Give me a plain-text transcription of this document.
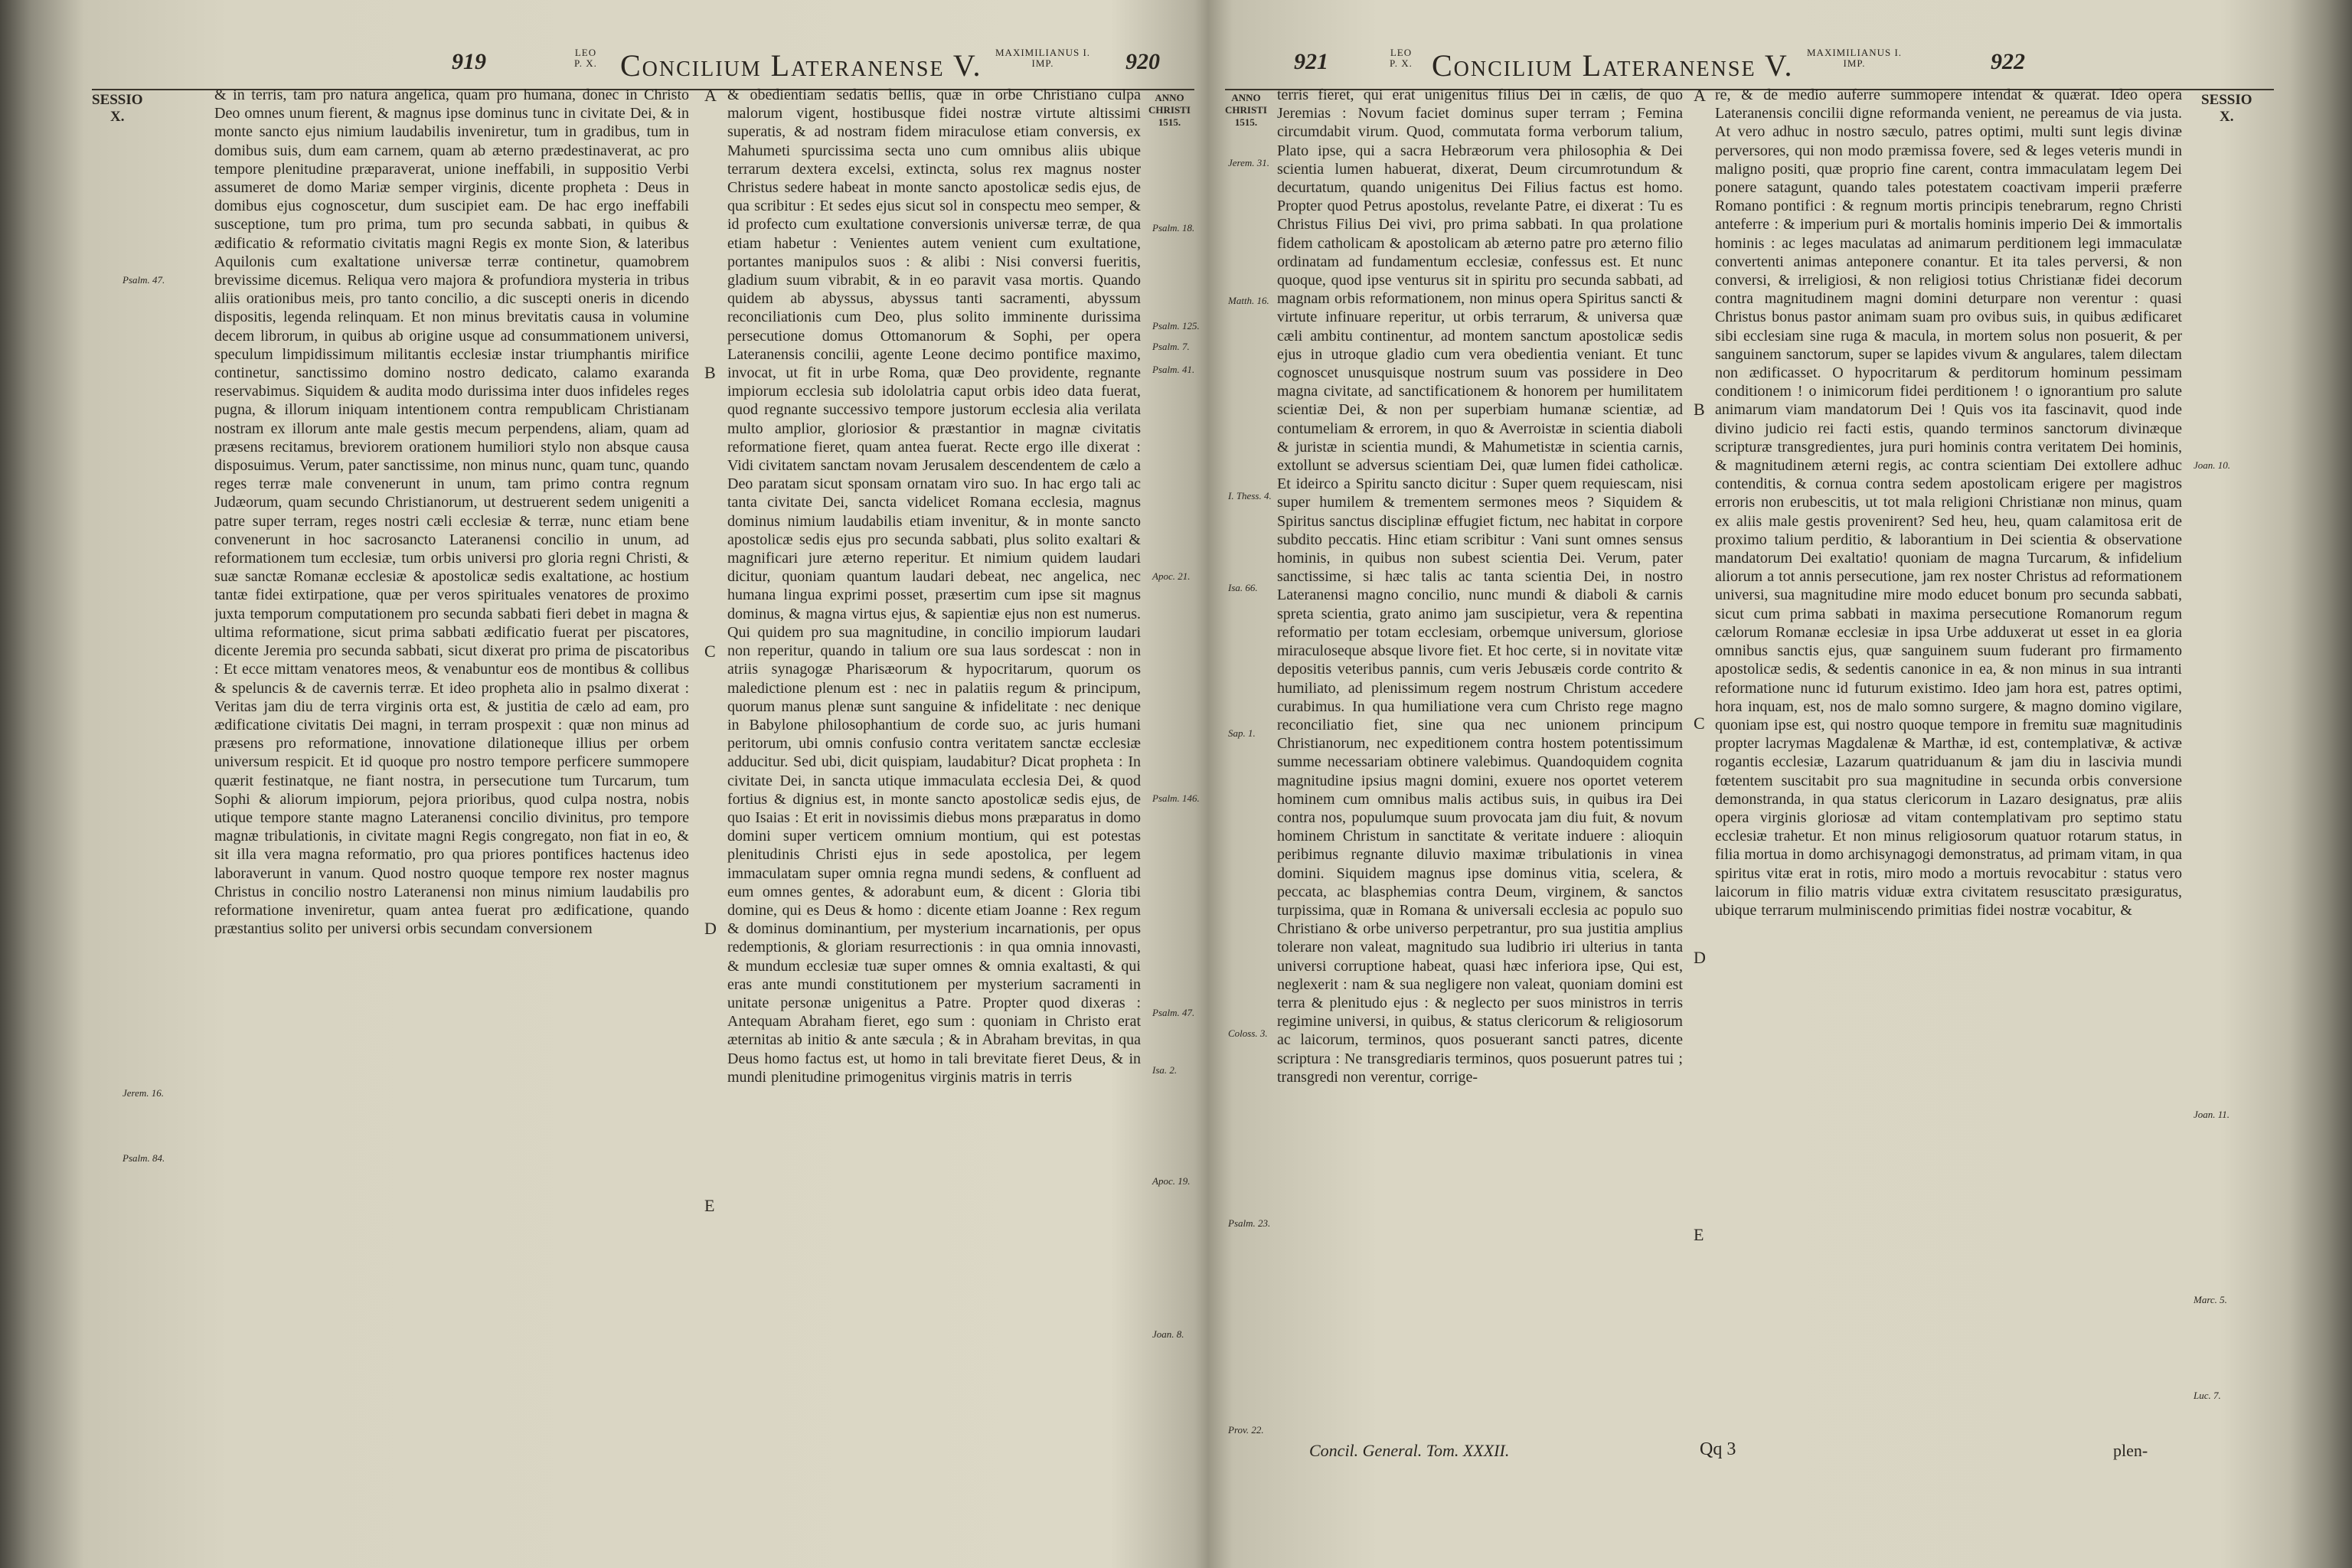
919	LEO
P. X. Concilium Lateranense V. MAXIMILIANUS I.
IMP.	920
SESSIO
X.

& in terris, tam pro natura angelica, quam pro humana, donec in Christo Deo omnes unum fierent, & magnus ipse dominus tunc in civitate Dei, & in monte sancto ejus nimium laudabilis inveniretur, tum in gradibus, tum in domibus suis, dum eam carnem, quam ab æterno prædestinaverat, ac pro tempore plenitudine præparaverat, unione ineffabili, in suppositio Verbi assumeret de domo Mariæ semper virginis, dicente propheta : Deus in domibus ejus cognoscetur, dum suscipiet eam. De hac ergo ineffabili susceptione, tum pro prima, tum pro secunda sabbati, in quibus & ædificatio & reformatio civitatis magni Regis ex monte Sion, & lateribus Aquilonis cum exaltatione universæ terræ continetur, quamobrem brevissime dicemus. Reliqua vero majora & profundiora mysteria in tribus aliis orationibus meis, pro tanto concilio, a dic suscepti oneris in dicendo dispositis, legenda relinquam. Et non minus brevitatis causa in volumine decem librorum, in quibus ab origine usque ad consummationem universi, speculum limpidissimum militantis ecclesiæ instar triumphantis mirifice continetur, sanctissimo domino nostro dedicato, calamo exaranda reservabimus. Siquidem & audita modo durissima inter duos infideles reges pugna, & illorum iniquam intentionem contra rempublicam Christianam nostram ex illorum ante male gestis mecum perpendens, aliam, quam ad præsens recitamus, breviorem orationem humiliori stylo non absque causa disposuimus. Verum, pater sanctissime, non minus nunc, quam tunc, quando reges terræ male convenerunt in unum, tam primo contra regnum Judæorum, quam secundo Christianorum, ut destruerent sedem unigeniti a patre super terram, reges nostri cæli ecclesiæ & terræ, nunc etiam bene convenerunt in hoc sacrosancto Lateranensi concilio in unum, ad reformationem tum ecclesiæ, tum orbis universi pro gloria regni Christi, & suæ sanctæ Romanæ ecclesiæ & apostolicæ sedis exaltatione, ac hostium tantæ fidei extirpatione, quæ per veros spirituales venatores de proximo juxta temporum computationem pro secunda sabbati fieri debet in magna & ultima reformatione, sicut prima sabbati ædificatio fuerat per piscatores, dicente Jeremia pro secunda sabbati, sicut dixerat pro prima de piscatoribus : Et ecce mittam venatores meos, & venabuntur eos de montibus & collibus & speluncis & de cavernis terræ. Et ideo propheta alio in psalmo dixerat : Veritas jam diu de terra virginis orta est, & justitia de cælo ad eam, pro ædificatione civitatis Dei magni, in terram prospexit : quæ non minus ad præsens pro reformatione, innovatione dilationeque illius per orbem universum respicit. Et id quoque pro nostro tempore perficere summopere quærit festinatque, ne fiant nostra, in persecutione tum Turcarum, tum Sophi & aliorum impiorum, pejora prioribus, quod culpa nostra, nobis utique tempore stante magno Lateranensi concilio divinitus, pro tempore magnæ tribulationis, in civitate magni Regis congregato, non fiat in eo, & sit illa vera magna reformatio, pro qua priores pontifices hactenus ideo laboraverunt in vanum. Quod nostro quoque tempore rex noster magnus Christus in concilio nostro Lateranensi non minus nimium laudabilis pro reformatione inveniretur, quam antea fuerat pro ædificatione, quando præstantius solito per universi orbis secundam conversionem

Psalm. 47.
Jerem. 16.
Psalm. 84.
A
B
C
D
E

& obedientiam sedatis bellis, quæ in orbe Christiano culpa malorum vigent, hostibusque fidei nostræ virtute altissimi superatis, & ad nostram fidem miraculose etiam conversis, ex Mahumeti spurcissima secta uno cum omnibus aliis ubique terrarum dextera excelsi, extincta, solus rex magnus noster Christus sedere habeat in monte sancto apostolicæ sedis ejus, de qua scribitur : Et sedes ejus sicut sol in conspectu meo semper, & id profecto cum exultatione conversionis universæ terræ, de qua etiam habetur : Venientes autem venient cum exultatione, portantes manipulos suos : & alibi : Nisi conversi fueritis, gladium suum vibrabit, & in eo paravit vasa mortis. Quando quidem ab abyssus, abyssus tanti sacramenti, abyssum reconciliationis cum Deo, plus solito imminente durissima persecutione domus Ottomanorum & Sophi, per opera Lateranensis concilii, agente Leone decimo pontifice maximo, invocat, ut fit in urbe Roma, quæ Deo providente, regnante impiorum ecclesia sub idololatria caput orbis ideo data fuerat, quod regnante successivo tempore justorum ecclesia alia verilata multo amplior, gloriosior & præstantior in magnæ civitatis reformatione fieret, quam antea fuerat. Recte ergo ille dixerat : Vidi civitatem sanctam novam Jerusalem descendentem de cælo a Deo paratam sicut sponsam ornatam viro suo. In hac ergo tali ac tanta civitate Dei, sancta videlicet Romana ecclesia, magnus dominus nimium laudabilis etiam invenitur, & in monte sancto apostolicæ sedis ejus pro secunda sabbati, plus solito exaltari & magnificari jure æterno reperitur. Et nimium quidem laudari dicitur, quoniam quantum laudari debeat, nec angelica, nec humana lingua exprimi posset, præsertim cum ipse sit magnus dominus, & magna virtus ejus, & sapientiæ ejus non est numerus. Qui quidem pro sua magnitudine, in concilio impiorum laudari non reperitur, quando in talium ore sua laus sordescat : non in atriis synagogæ Pharisæorum & hypocritarum, quorum os maledictione plenum est : nec in palatiis regum & principum, quorum manus plenæ sunt sanguine & infidelitate : nec denique in Babylone philosophantium de corde suo, ac juris humani peritorum, ubi omnis confusio contra veritatem sanctæ ecclesiæ adducitur. Sed ubi, dicit quispiam, laudabitur? Dicat propheta : In civitate Dei, in sancta utique immaculata ecclesia Dei, & quod fortius & dignius est, in monte sancto apostolicæ sedis ejus, de quo Isaias : Et erit in novissimis diebus mons præparatus in domo domini super verticem omnium montium, qui est potestas plenitudinis Christi ejus in sede apostolica, per legem immaculatam super omnia regna mundi sedens, & confluent ad eum omnes gentes, & adorabunt eum, & dicent : Gloria tibi domine, qui es Deus & homo : dicente etiam Joanne : Rex regum & dominus dominantium, per mysterium incarnationis, per opus redemptionis, & gloriam resurrectionis : in qua omnia innovasti, & mundum ecclesiæ tuæ super omnes & omnia exaltasti, & qui eras ante mundi constitutionem per mysterium sacramenti in unitate personæ unigenitus a Patre. Propter quod dixeras : Antequam Abraham fieret, ego sum : quoniam in Christo erat æternitas ab initio & ante sæcula ; & in Abraham brevitas, in qua Deus homo factus est, ut homo in tali brevitate fieret Deus, & in mundi plenitudine primogenitus virginis matris in terris

ANNO
CHRISTI
1515.
Psalm. 18.
Psalm. 125.
Psalm. 7.
Psalm. 41.
Apoc. 21.
Psalm. 146.
Psalm. 47.
Isa. 2.
Apoc. 19.
Joan. 8.
921	LEO
P. X. Concilium Lateranense V. MAXIMILIANUS I.
IMP.	922
ANNO
CHRISTI
1515.
Jerem. 31.
Matth. 16.
I. Thess. 4.
Isa. 66.
Sap. 1.
Coloss. 3.
Psalm. 23.
Prov. 22.

terris fieret, qui erat unigenitus filius Dei in cælis, de quo Jeremias : Novum faciet dominus super terram ; Femina circumdabit virum. Quod, commutata forma verborum talium, Plato ipse, qui a sacra Hebræorum vera philosophia & Dei scientia lumen habuerat, dixerat, Deum circumrotundum & decurtatum, quando unigenitus Dei Filius factus est homo. Propter quod Petrus apostolus, revelante Patre, ei dixerat : Tu es Christus Filius Dei vivi, pro prima sabbati. In qua prolatione fidem catholicam & apostolicam ab æterno patre pro æterno filio ordinatam ad fundamentum ecclesiæ, confessus est. Et nunc quoque, quod ipse venturus sit in spiritu pro secunda sabbati, ad magnam orbis reformationem, non minus opera Spiritus sancti & virtute infinuare reperitur, ut orbis terrarum, & universa quæ cæli ambitu continentur, ad montem sanctum apostolicæ sedis ejus in utroque gladio cum vera obedientia veniant. Et tunc cognoscet unusquisque nostrum suum vas possidere in Deo magna civitate, ad sanctificationem & honorem per humilitatem scientiæ Dei, & non per superbiam humanæ scientiæ, ad contumeliam & errorem, in quo & Averroistæ in scientia diaboli & juristæ in scientia mundi, & Mahumetistæ in scientia carnis, extollunt se adversus scientiam Dei, quæ lumen fidei catholicæ. Et ideirco a Spiritu sancto dicitur : Super quem requiescam, nisi super humilem & trementem sermones meos ? Siquidem & Spiritus sanctus disciplinæ effugiet fictum, nec habitat in corpore subdito peccatis. Hinc etiam scribitur : Vani sunt omnes sensus hominis, in quibus non subest scientia Dei. Verum, pater sanctissime, si hæc talis ac tanta scientia Dei, in nostro Lateranensi magno concilio, nunc mundi & diaboli & carnis spreta scientia, grato animo jam suscipietur, vera & repentina reformatio per totam ecclesiam, orbemque universum, gloriose miraculoseque absque livore fiet. Et hoc certe, si in novitate vitæ depositis veteribus pannis, cum veris Jebusæis corde contrito & humiliato, ad plenissimum regem nostrum Christum accedere curabimus. In qua humiliatione vera cum Christo rege magno reconciliatio fiet, sine qua nec unionem principum Christianorum, nec expeditionem contra hostem potentissimum summe necessariam obtinere valebimus. Quandoquidem cognita magnitudine ipsius magni domini, exuere nos oportet veterem hominem cum omnibus malis actibus suis, in quibus ira Dei contra nos, populumque suum provocata jam diu fuit, & novum hominem Christum in sanctitate & veritate induere : alioquin peribimus regnante diluvio maximæ tribulationis in vinea domini. Siquidem magnus ipse dominus vitia, scelera, & peccata, ac blasphemias contra Deum, virginem, & sanctos turpissima, quæ in Romana & universali ecclesia ac populo suo Christiano & orbe universo perpetrantur, pro sua justitia amplius tolerare non valeat, magnitudo sua ludibrio iri ulterius in tanta universi corruptione habeat, quasi hæc inferiora ipse, Qui est, neglexerit : nam & sua negligere non valeat, quoniam domini est terra & plenitudo ejus : & neglecto per suos ministros in terris regimine universi, in quibus, & status clericorum & religiosorum ac laicorum, terminos, quos posuerant sancti patres, dicente scriptura : Ne transgrediaris terminos, quos posuerunt patres tui ; transgredi non verentur, corrige-

A
B
C
D
E

re, & de medio auferre summopere intendat & quærat. Ideo opera Lateranensis concilii digne reformanda venient, ne pereamus de via justa. At vero adhuc in nostro sæculo, patres optimi, multi sunt legis divinæ perversores, qui non modo præmissa fovere, sed & leges veteris mundi in maligno positi, quæ proprio fine carent, contra immaculatam legem Dei ponere satagunt, quando tales potestatem coactivam imperii præferre Romano pontifici : & regnum mortis principis tenebrarum, regno Christi anteferre : & imperium puri & mortalis hominis imperio Dei & immortalis hominis : ac leges maculatas ad animarum perditionem legi immaculatæ convertenti animas anteponere conantur. Et ita tales perversi, & non conversi, & irreligiosi, & non religiosi totius Christianæ fidei decorum contra magnitudinem magni domini deturpare non verentur : quasi Christus bonus pastor animam suam pro ovibus suis, in quibus ædificaret sibi ecclesiam sine ruga & macula, in mortem solus non posuerit, & per sanguinem sanctorum, super se lapides vivum & angulares, talem dilectam non ædificasset. O hypocritarum & perditorum hominum pessimam conditionem ! o inimicorum fidei perditionem ! o ignorantium pro salute animarum viam mandatorum Dei ! Quis vos ita fascinavit, quod inde divino judicio rei facti estis, quando terminos sanctorum divinæque scripturæ transgredientes, jura puri hominis contra veritatem Dei hominis, & magnitudinem æterni regis, ac contra scientiam Dei extollere adhuc contenditis, & cornua contra sedem apostolicam erigere per magistros erroris non erubescitis, ut tot mala religioni Christianæ non minus, quam ex aliis male gestis provenirent? Sed heu, heu, quam calamitosa erit de proximo talium perditio, & laborantium in Dei scientia & observatione mandatorum Dei exaltatio! quoniam de magna Turcarum, & infidelium aliorum a tot annis persecutione, jam rex noster Christus ad reformationem universi, sua magnitudine mire modo educet bonum pro secunda sabbati, sicut cum prima sabbati in maxima persecutione Romanorum regum cælorum Romanæ ecclesiæ in ipsa Urbe adduxerat ut esset in ea gloria omnibus sanctis ejus, quæ sanguinem suum fuderant pro firmamento apostolicæ sedis, & sedentis canonice in ea, & non minus in sua intranti reformatione nunc id futurum existimo. Ideo jam hora est, patres optimi, hora inquam, est, nos de malo somno surgere, & magno domino vigilare, quoniam ipse est, qui nostro quoque tempore in fremitu suæ magnitudinis propter lacrymas Magdalenæ & Marthæ, id est, contemplativæ, & activæ rogantis ecclesiæ, Lazarum quatriduanum & jam diu in lascivia mundi fœtentem suscitabit pro sua magnitudine in secunda orbis conversione demonstranda, in qua status clericorum in Lazaro designatus, præ aliis opera virginis gloriosæ ad vitam contemplativam pro septimo statu ecclesiæ trahetur. Et non minus religiosorum quatuor rotarum status, in filia mortua in domo archisynagogi demonstratus, ad primam vitam, in qua spiritus vitæ erat in rotis, miro modo a mortuis revocabitur : status vero laicorum in filio matris viduæ extra civitatem resuscitato præsiguratus, ubique terrarum mulminiscendo primitias fidei nostræ vocabitur, &

SESSIO
X.
Joan. 10.
Joan. 11.
Marc. 5.
Luc. 7.
Concil. General. Tom. XXXII.	Qq 3	plen-
